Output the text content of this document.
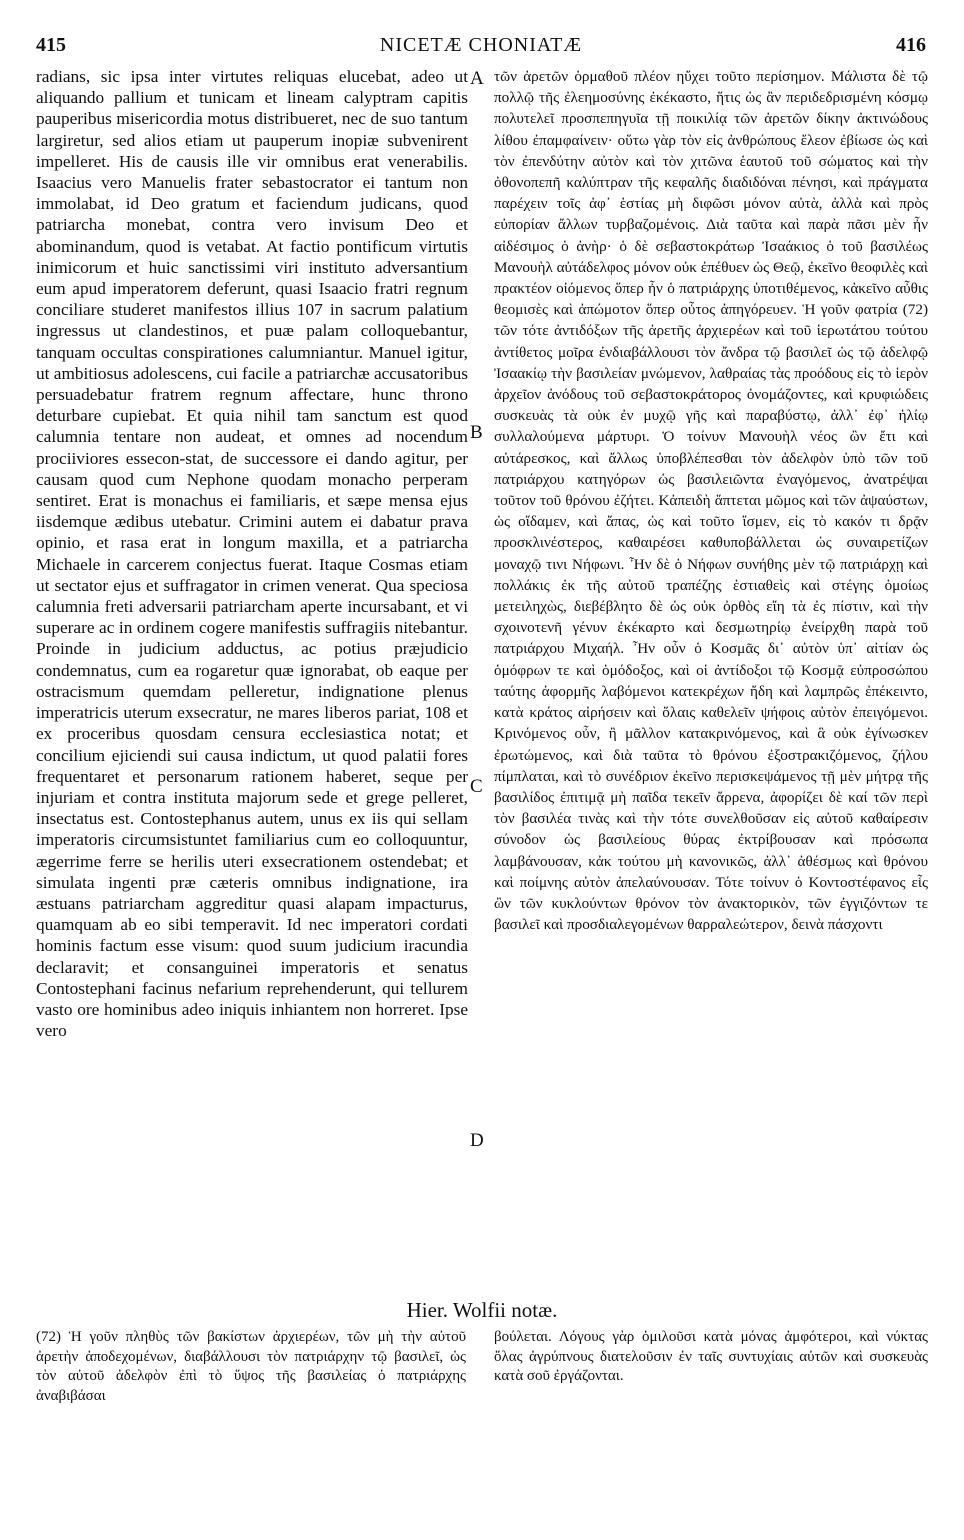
NICETÆ CHONIATÆ
415	416
radians, sic ipsa inter virtutes reliquas elucebat, adeo ut aliquando pallium et tunicam et lineam calyptram capitis pauperibus misericordia motus distribueret, nec de suo tantum largiretur, sed alios etiam ut pauperum inopiæ subvenirent impelleret. His de causis ille vir omnibus erat venerabilis. Isaacius vero Manuelis frater sebastocrator ei tantum non immolabat, id Deo gratum et faciendum judicans, quod patriarcha monebat, contra vero invisum Deo et abominandum, quod is vetabat. At factio pontificum virtutis inimicorum et huic sanctissimi viri instituto adversantium eum apud imperatorem deferunt, quasi Isaacio fratri regnum conciliare studeret manifestos illius 107 in sacrum palatium ingressus ut clandestinos, et puæ palam colloquebantur, tanquam occultas conspirationes calumniantur. Manuel igitur, ut ambitiosus adolescens, cui facile a patriarchæ accusatoribus persuadebatur fratrem regnum affectare, hunc throno deturbare cupiebat. Et quia nihil tam sanctum est quod calumnia tentare non audeat, et omnes ad nocendum prociiviores essecon-stat, de successore ei dando agitur, per causam quod cum Nephone quodam monacho perperam sentiret. Erat is monachus ei familiaris, et sæpe mensa ejus iisdemque ædibus utebatur. Crimini autem ei dabatur prava opinio, et rasa erat in longum maxilla, et a patriarcha Michaele in carcerem conjectus fuerat. Itaque Cosmas etiam ut sectator ejus et suffragator in crimen venerat. Qua speciosa calumnia freti adversarii patriarcham aperte incursabant, et vi superare ac in ordinem cogere manifestis suffragiis nitebantur. Proinde in judicium adductus, ac potius præjudicio condemnatus, cum ea rogaretur quæ ignorabat, ob eaque per ostracismum quemdam pelleretur, indignatione plenus imperatricis uterum exsecratur, ne mares liberos pariat, 108 et ex proceribus quosdam censura ecclesiastica notat; et concilium ejiciendi sui causa indictum, ut quod palatii fores frequentaret et personarum rationem haberet, seque per injuriam et contra instituta majorum sede et grege pelleret, insectatus est. Contostephanus autem, unus ex iis qui sellam imperatoris circumsistuntet familiarius cum eo colloquuntur, ægerrime ferre se herilis uteri exsecrationem ostendebat; et simulata ingenti præ cæteris omnibus indignatione, ira æstuans patriarcham aggreditur quasi alapam impacturus, quamquam ab eo sibi temperavit. Id nec imperatori cordati hominis factum esse visum: quod suum judicium iracundia declaravit; et consanguinei imperatoris et senatus Contostephani facinus nefarium reprehenderunt, qui tellurem vasto ore hominibus adeo iniquis inhiantem non horreret. Ipse vero
A
B
C
D
τῶν ἀρετῶν ὁρμαθοῦ πλέον ηὔχει τοῦτο περίσημον. Μάλιστα δὲ τῷ πολλῷ τῆς ἐλεημοσύνης ἐκέκαστο, ἥτις ὡς ἂν περιδεδρισμένη κόσμῳ πολυτελεῖ προσπεπηγυῖα τῇ ποικιλίᾳ τῶν ἀρετῶν δίκην ἀκτινώδους λίθου ἐπαμφαίνειν· οὕτω γὰρ τὸν εἰς ἀνθρώπους ἔλεον ἐβίωσε ὡς καὶ τὸν ἐπενδύτην αὐτὸν καὶ τὸν χιτῶνα ἑαυτοῦ τοῦ σώματος καὶ τὴν ὀθονοπεπῆ καλύπτραν τῆς κεφαλῆς διαδιδόναι πένησι, καὶ πράγματα παρέχειν τοῖς ἀφ᾽ ἑστίας μὴ διφῶσι μόνον αὐτὰ, ἀλλὰ καὶ πρὸς εὐπορίαν ἄλλων τυρβαζομένοις. Διὰ ταῦτα καὶ παρὰ πᾶσι μὲν ἦν αἰδέσιμος ὁ ἀνὴρ· ὁ δὲ σεβαστοκράτωρ Ἰσαάκιος ὁ τοῦ βασιλέως Μανουὴλ αὐτάδελφος μόνον οὐκ ἐπέθυεν ὡς Θεῷ, ἐκεῖνο θεοφιλὲς καὶ πρακτέον οἰόμενος ὅπερ ἦν ὁ πατριάρχης ὑποτιθέμενος, κἀκεῖνο αὖθις θεομισὲς καὶ ἀπώμοτον ὅπερ οὗτος ἀπηγόρευεν. Ἡ γοῦν φατρία (72) τῶν τότε ἀντιδόξων τῆς ἀρετῆς ἀρχιερέων καὶ τοῦ ἱερωτάτου τούτου ἀντίθετος μοῖρα ἐνδιαβάλλουσι τὸν ἄνδρα τῷ βασιλεῖ ὡς τῷ ἀδελφῷ Ἰσαακίῳ τὴν βασιλείαν μνώμενον, λαθραίας τὰς προόδους εἰς τὸ ἱερὸν ἀρχεῖον ἀνόδους τοῦ σεβαστοκράτορος ὀνομάζοντες, καὶ κρυφιώδεις συσκευὰς τὰ οὐκ ἐν μυχῷ γῆς καὶ παραβύστῳ, ἀλλ᾽ ἐφ᾽ ἡλίῳ συλλαλούμενα μάρτυρι. Ὁ τοίνυν Μανουὴλ νέος ὢν ἔτι καὶ αὐτάρεσκος, καὶ ἄλλως ὑποβλέπεσθαι τὸν ἀδελφὸν ὑπὸ τῶν τοῦ πατριάρχου κατηγόρων ὡς βασιλειῶντα ἐναγόμενος, ἀνατρέψαι τοῦτον τοῦ θρόνου ἐζήτει. Κἀπειδὴ ἅπτεται μῶμος καὶ τῶν ἀψαύστων, ὡς οἴδαμεν, καὶ ἅπας, ὡς καὶ τοῦτο ἴσμεν, εἰς τὸ κακόν τι δρᾷν προσκλινέστερος, καθαιρέσει καθυποβάλλεται ὡς συναιρετίζων μοναχῷ τινι Νήφωνι. Ἦν δὲ ὁ Νήφων συνήθης μὲν τῷ πατριάρχῃ καὶ πολλάκις ἐκ τῆς αὐτοῦ τραπέζης ἑστιαθεὶς καὶ στέγης ὁμοίως μετειληχὼς, διεβέβλητο δὲ ὡς οὐκ ὀρθὸς εἴη τὰ ἐς πίστιν, καὶ τὴν σχοινοτενῆ γένυν ἐκέκαρτο καὶ δεσμωτηρίῳ ἐνείρχθη παρὰ τοῦ πατριάρχου Μιχαήλ. Ἦν οὖν ὁ Κοσμᾶς δι᾽ αὐτὸν ὑπ᾽ αἰτίαν ὡς ὁμόφρων τε καὶ ὁμόδοξος, καὶ οἱ ἀντίδοξοι τῷ Κοσμᾷ εὐπροσώπου ταύτης ἀφορμῆς λαβόμενοι κατεκρέχων ἤδη καὶ λαμπρῶς ἐπέκειντο, κατὰ κράτος αἱρήσειν καὶ ὅλαις καθελεῖν ψήφοις αὐτὸν ἐπειγόμενοι. Κρινόμενος οὖν, ἢ μᾶλλον κατακρινόμενος, καὶ ἃ οὐκ ἐγίνωσκεν ἐρωτώμενος, καὶ διὰ ταῦτα τὸ θρόνου ἐξοστρακιζόμενος, ζήλου πίμπλαται, καὶ τὸ συνέδριον ἐκεῖνο περισκεψάμενος τῇ μὲν μήτρᾳ τῆς βασιλίδος ἐπιτιμᾷ μὴ παῖδα τεκεῖν ἄρρενα, ἀφορίζει δὲ καί τῶν περὶ τὸν βασιλέα τινὰς καὶ τὴν τότε συνελθοῦσαν εἰς αὐτοῦ καθαίρεσιν σύνοδον ὡς βασιλείους θύρας ἐκτρίβουσαν καὶ πρόσωπα λαμβάνουσαν, κἀκ τούτου μὴ κανονικῶς, ἀλλ᾽ ἀθέσμως καὶ θρόνου καὶ ποίμνης αὐτὸν ἀπελαύνουσαν. Τότε τοίνυν ὁ Κοντοστέφανος εἷς ὢν τῶν κυκλούντων θρόνον τὸν ἀνακτορικὸν, τῶν ἐγγιζόντων τε βασιλεῖ καὶ προσδιαλεγομένων θαρραλεώτερον, δεινὰ πάσχοντι
Hier. Wolfii notæ.
(72) Ἡ γοῦν πληθὺς τῶν βακίστων ἀρχιερέων, τῶν μὴ τὴν αὐτοῦ ἀρετὴν ἀποδεχομένων, διαβάλλουσι τὸν πατριάρχην τῷ βασιλεῖ, ὡς τὸν αὐτοῦ ἀδελφὸν ἐπὶ τὸ ὕψος τῆς βασιλείας ὁ πατριάρχης ἀναβιβάσαι
βούλεται. Λόγους γὰρ ὁμιλοῦσι κατὰ μόνας ἀμφότεροι, καὶ νύκτας ὅλας ἀγρύπνους διατελοῦσιν ἐν ταῖς συντυχίαις αὐτῶν καὶ συσκευὰς κατὰ σοῦ ἐργάζονται.
